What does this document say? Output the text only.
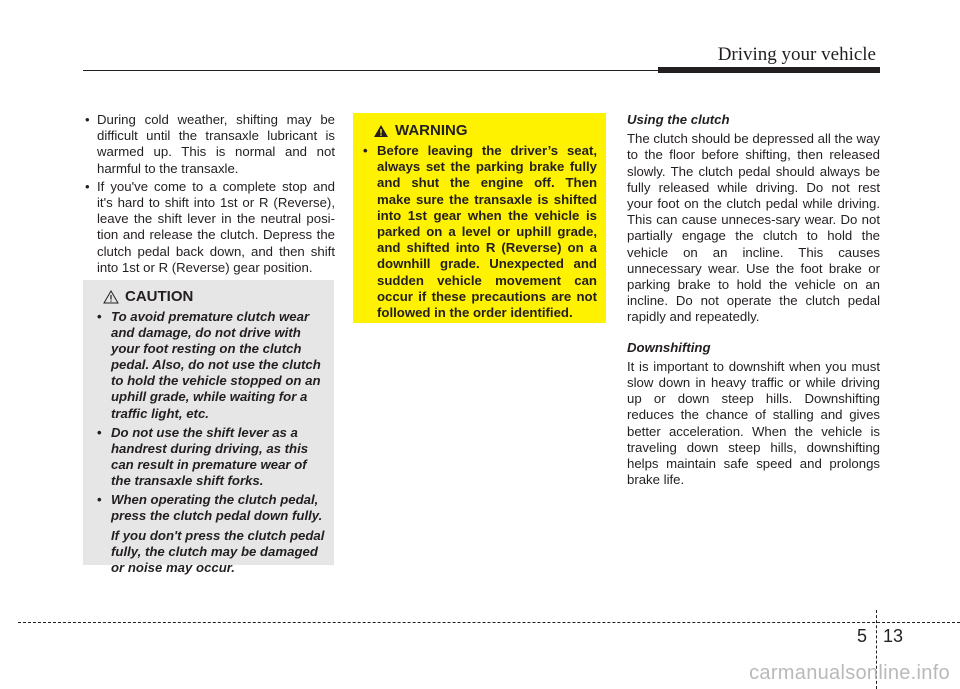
Driving your vehicle
• During cold weather, shifting may be difficult until the transaxle lubricant is warmed up. This is normal and not harmful to the transaxle.
• If you've come to a complete stop and it's hard to shift into 1st or R (Reverse), leave the shift lever in the neutral posi-tion and release the clutch. Depress the clutch pedal back down, and then shift into 1st or R (Reverse) gear position.
CAUTION
• To avoid premature clutch wear and damage, do not drive with your foot resting on the clutch pedal. Also, do not use the clutch to hold the vehicle stopped on an uphill grade, while waiting for a traffic light, etc.
• Do not use the shift lever as a handrest during driving, as this can result in premature wear of the transaxle shift forks.
• When operating the clutch pedal, press the clutch pedal down fully.
If you don't press the clutch pedal fully, the clutch may be damaged or noise may occur.
WARNING
• Before leaving the driver’s seat, always set the parking brake fully and shut the engine off. Then make sure the transaxle is shifted into 1st gear when the vehicle is parked on a level or uphill grade, and shifted into R (Reverse) on a downhill grade. Unexpected and sudden vehicle movement can occur if these precautions are not followed in the order identified.
Using the clutch

The clutch should be depressed all the way to the floor before shifting, then released slowly. The clutch pedal should always be fully released while driving. Do not rest your foot on the clutch pedal while driving. This can cause unneces-sary wear. Do not partially engage the clutch to hold the vehicle on an incline. This causes unnecessary wear. Use the foot brake or parking brake to hold the vehicle on an incline. Do not operate the clutch pedal rapidly and repeatedly.

Downshifting

It is important to downshift when you must slow down in heavy traffic or while driving up or down steep hills. Downshifting reduces the chance of stalling and gives better acceleration. When the vehicle is traveling down steep hills, downshifting helps maintain safe speed and prolongs brake life.

5 13
carmanualsonline.info
